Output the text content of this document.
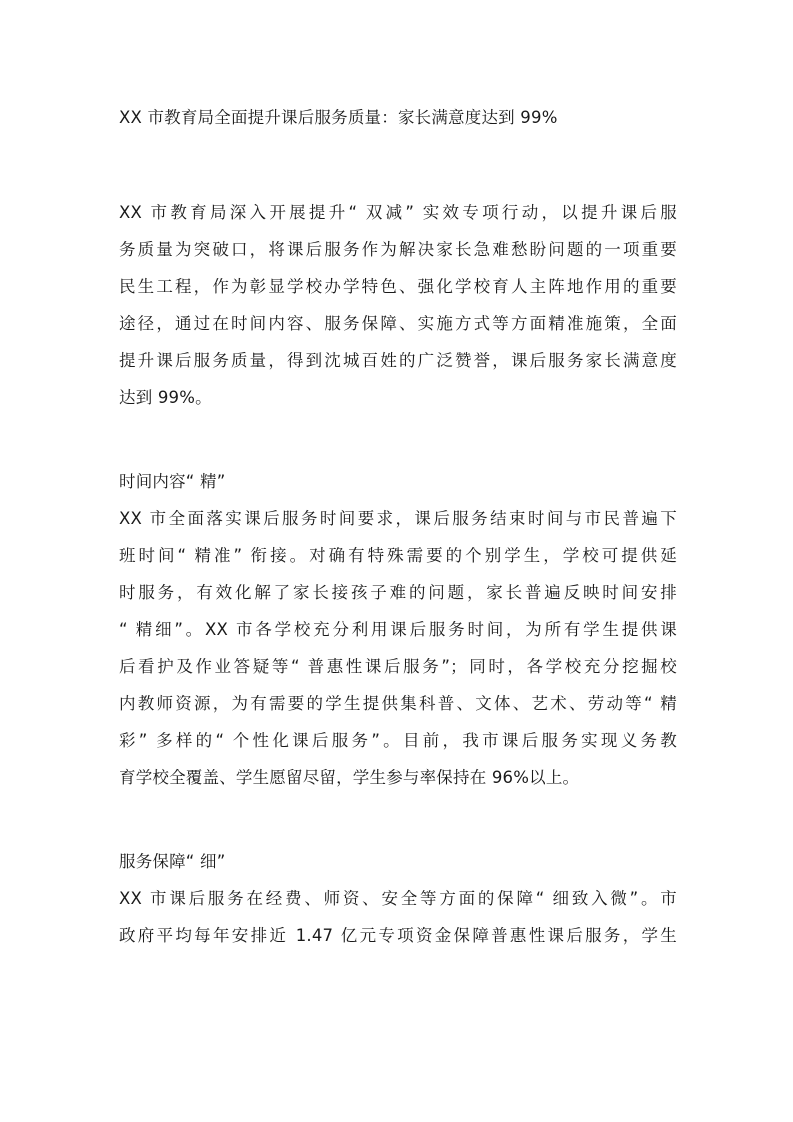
XX 市教育局全面提升课后服务质量：家长满意度达到 99%
XX 市教育局深入开展提升“ 双减” 实效专项行动，以提升课后服
务质量为突破口，将课后服务作为解决家长急难愁盼问题的一项重要
民生工程，作为彰显学校办学特色、强化学校育人主阵地作用的重要
途径，通过在时间内容、服务保障、实施方式等方面精准施策，全面
提升课后服务质量，得到沈城百姓的广泛赞誉，课后服务家长满意度
达到 99%。
时间内容“ 精”
XX 市全面落实课后服务时间要求，课后服务结束时间与市民普遍下
班时间“ 精准” 衔接。对确有特殊需要的个别学生，学校可提供延
时服务，有效化解了家长接孩子难的问题，家长普遍反映时间安排
“ 精细”。XX 市各学校充分利用课后服务时间，为所有学生提供课
后看护及作业答疑等“ 普惠性课后服务”；同时，各学校充分挖掘校
内教师资源，为有需要的学生提供集科普、文体、艺术、劳动等“ 精
彩” 多样的“ 个性化课后服务”。目前，我市课后服务实现义务教
育学校全覆盖、学生愿留尽留，学生参与率保持在 96%以上。
服务保障“ 细”
XX 市课后服务在经费、师资、安全等方面的保障“ 细致入微”。市
政府平均每年安排近 1.47 亿元专项资金保障普惠性课后服务，学生
